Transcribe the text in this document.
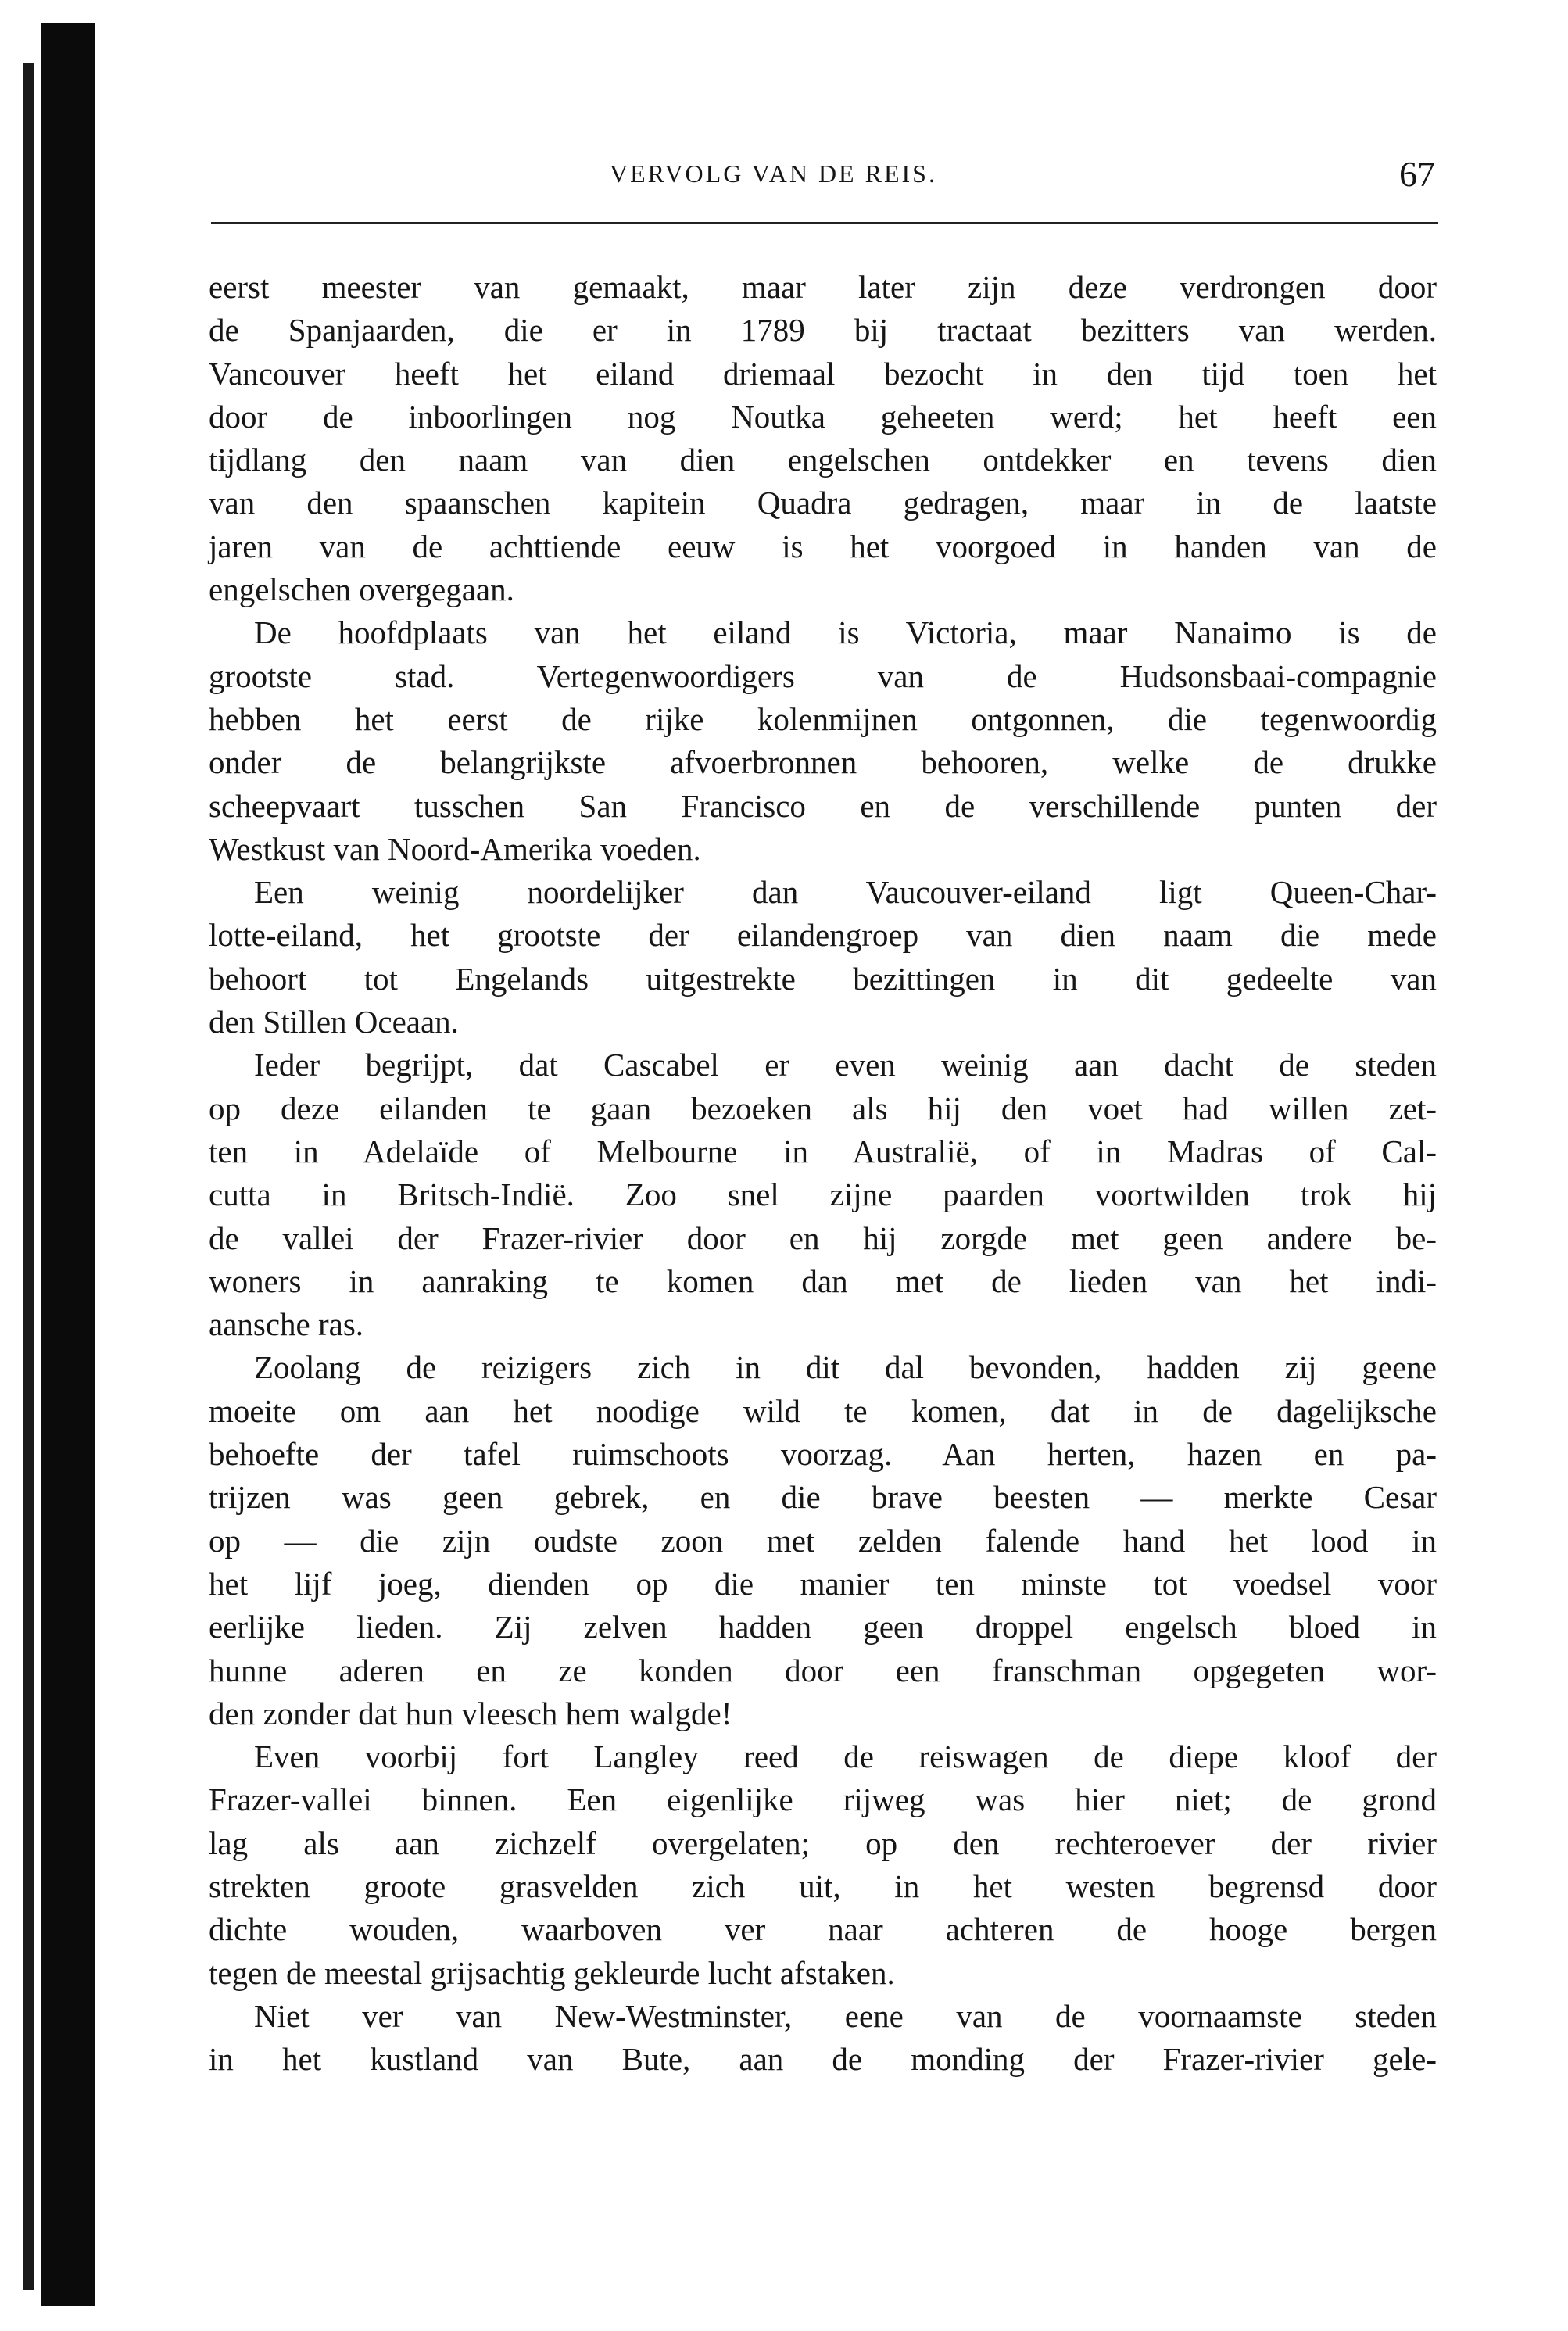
VERVOLG VAN DE REIS.	67
eerst meester van gemaakt, maar later zijn deze verdrongen door
de Spanjaarden, die er in 1789 bij tractaat bezitters van werden.
Vancouver heeft het eiland driemaal bezocht in den tijd toen het
door de inboorlingen nog Noutka geheeten werd; het heeft een
tijdlang den naam van dien engelschen ontdekker en tevens dien
van den spaanschen kapitein Quadra gedragen, maar in de laatste
jaren van de achttiende eeuw is het voorgoed in handen van de
engelschen overgegaan.
De hoofdplaats van het eiland is Victoria, maar Nanaimo is de
grootste stad. Vertegenwoordigers van de Hudsonsbaai-compagnie
hebben het eerst de rijke kolenmijnen ontgonnen, die tegenwoordig
onder de belangrijkste afvoerbronnen behooren, welke de drukke
scheepvaart tusschen San Francisco en de verschillende punten der
Westkust van Noord-Amerika voeden.
Een weinig noordelijker dan Vaucouver-eiland ligt Queen-Char-
lotte-eiland, het grootste der eilandengroep van dien naam die mede
behoort tot Engelands uitgestrekte bezittingen in dit gedeelte van
den Stillen Oceaan.
Ieder begrijpt, dat Cascabel er even weinig aan dacht de steden
op deze eilanden te gaan bezoeken als hij den voet had willen zet-
ten in Adelaïde of Melbourne in Australië, of in Madras of Cal-
cutta in Britsch-Indië. Zoo snel zijne paarden voortwilden trok hij
de vallei der Frazer-rivier door en hij zorgde met geen andere be-
woners in aanraking te komen dan met de lieden van het indi-
aansche ras.
Zoolang de reizigers zich in dit dal bevonden, hadden zij geene
moeite om aan het noodige wild te komen, dat in de dagelijksche
behoefte der tafel ruimschoots voorzag. Aan herten, hazen en pa-
trijzen was geen gebrek, en die brave beesten — merkte Cesar
op — die zijn oudste zoon met zelden falende hand het lood in
het lijf joeg, dienden op die manier ten minste tot voedsel voor
eerlijke lieden. Zij zelven hadden geen droppel engelsch bloed in
hunne aderen en ze konden door een franschman opgegeten wor-
den zonder dat hun vleesch hem walgde!
Even voorbij fort Langley reed de reiswagen de diepe kloof der
Frazer-vallei binnen. Een eigenlijke rijweg was hier niet; de grond
lag als aan zichzelf overgelaten; op den rechteroever der rivier
strekten groote grasvelden zich uit, in het westen begrensd door
dichte wouden, waarboven ver naar achteren de hooge bergen
tegen de meestal grijsachtig gekleurde lucht afstaken.
Niet ver van New-Westminster, eene van de voornaamste steden
in het kustland van Bute, aan de monding der Frazer-rivier gele-
